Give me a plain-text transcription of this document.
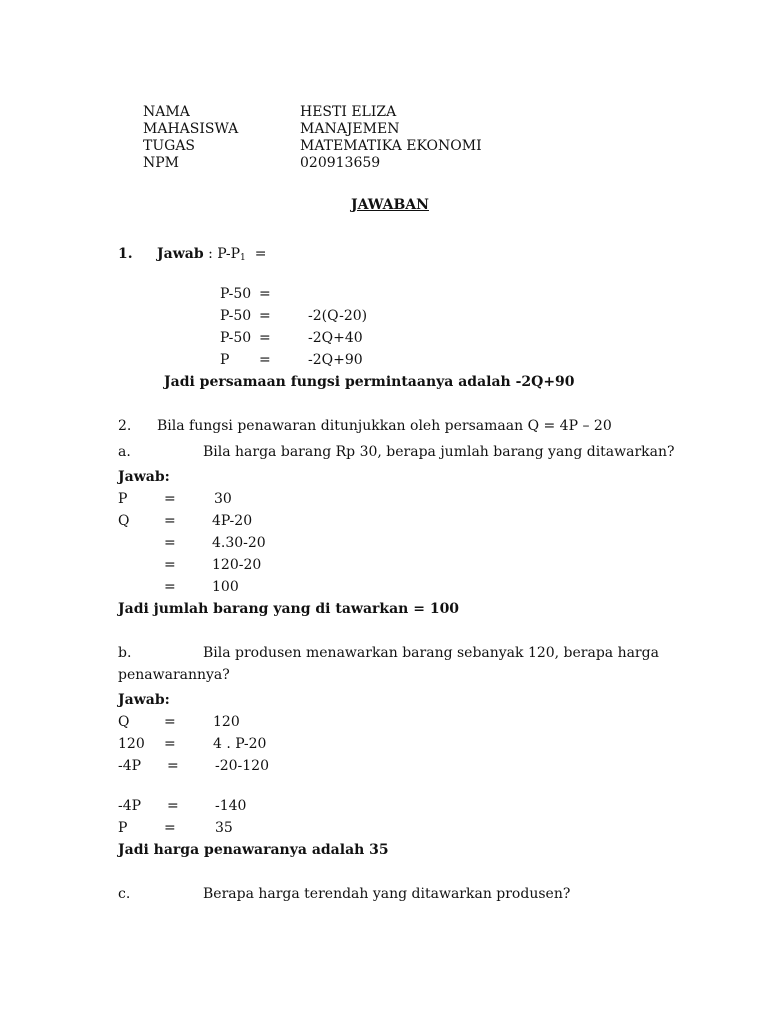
NAMA	HESTI ELIZA
MAHASISWA	MANAJEMEN
TUGAS	MATEMATIKA EKONOMI
NPM	020913659
JAWABAN
1. Jawab : $P-P_1$ =
P-50 =
P-50 =	-2(Q-20)
P-50 =	-2Q+40
P =	-2Q+90
Jadi persamaan fungsi permintaanya adalah -2Q+90
2. Bila fungsi penawaran ditunjukkan oleh persamaan Q = 4P – 20
a.	Bila harga barang Rp 30, berapa jumlah barang yang ditawarkan?
Jawab:
P	=	30
Q =	4P-20
=	4.30-20
=	120-20
=	100
Jadi jumlah barang yang di tawarkan = 100
b.	Bila produsen menawarkan barang sebanyak 120, berapa harga
penawarannya?
Jawab:
Q =	120
120 =	4 . P-20
-4P =	-20-120
-4P =	-140
P	=	35
Jadi harga penawaranya adalah 35
c.	Berapa harga terendah yang ditawarkan produsen?
